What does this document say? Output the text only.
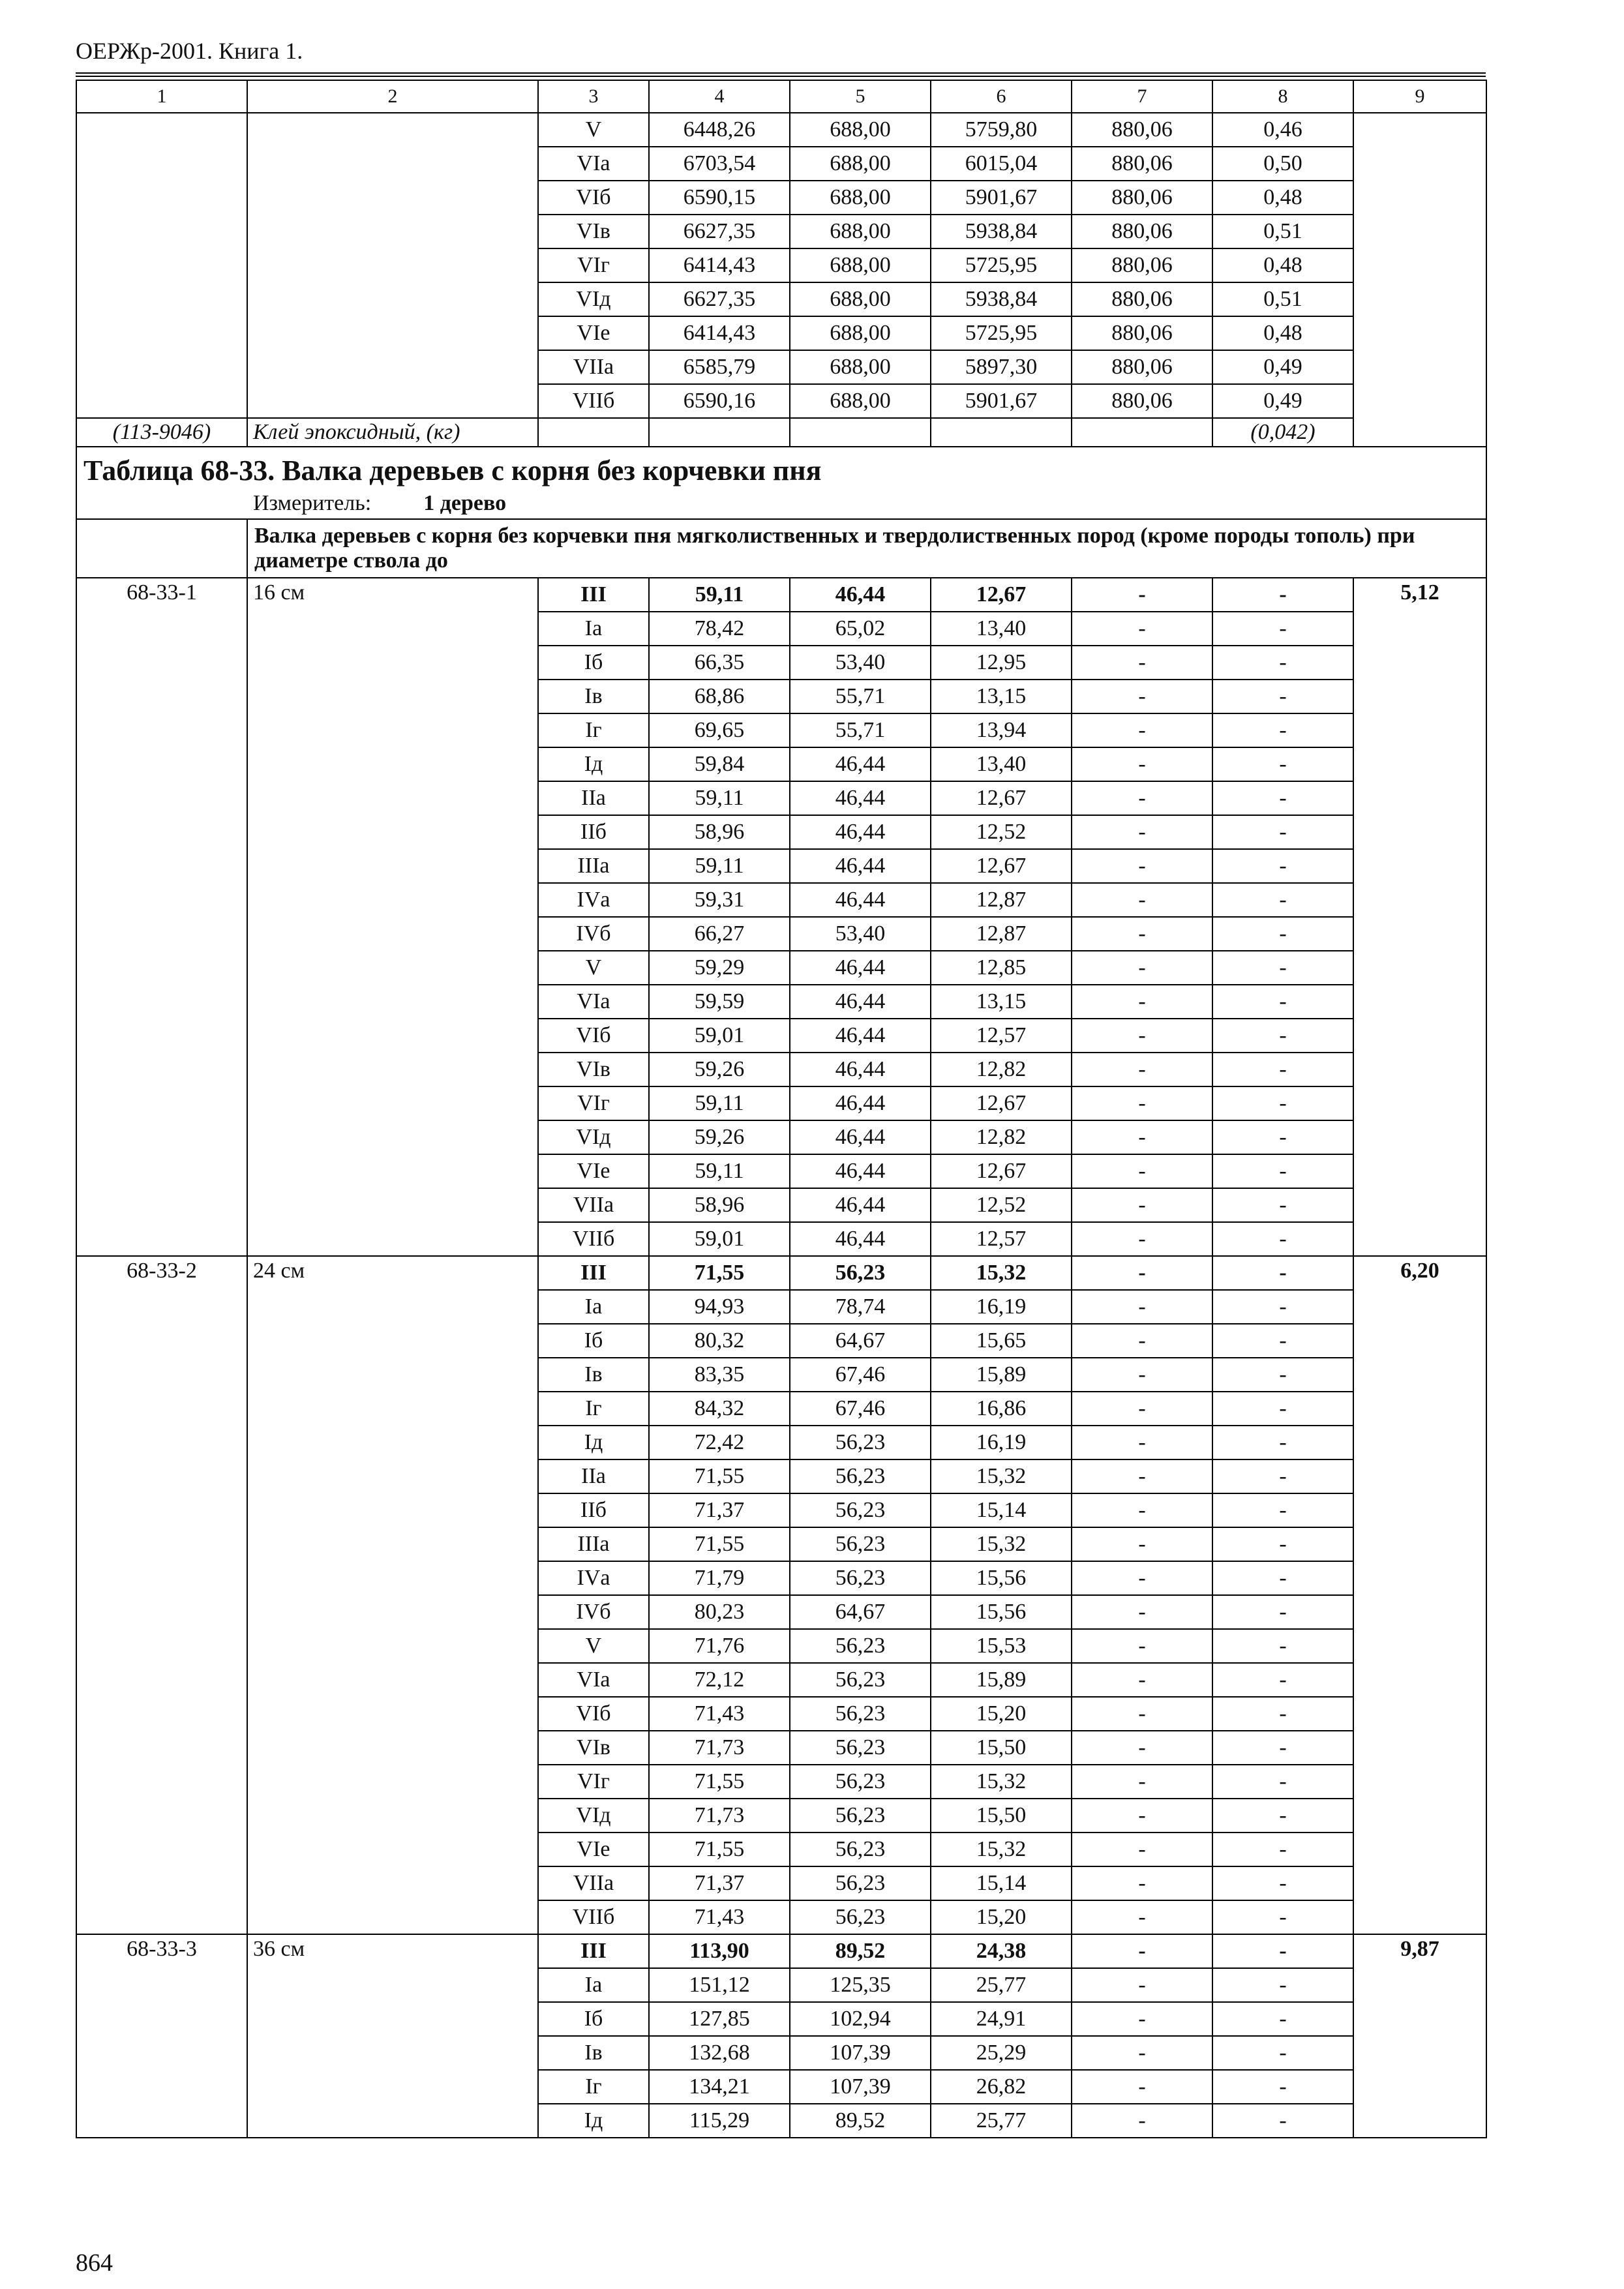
ОЕРЖр-2001. Книга 1.
1	2	3	4	5	6	7	8	9
		V	6448,26	688,00	5759,80	880,06	0,46	
		VIа	6703,54	688,00	6015,04	880,06	0,50	
		VIб	6590,15	688,00	5901,67	880,06	0,48	
		VIв	6627,35	688,00	5938,84	880,06	0,51	
		VIг	6414,43	688,00	5725,95	880,06	0,48	
		VIд	6627,35	688,00	5938,84	880,06	0,51	
		VIе	6414,43	688,00	5725,95	880,06	0,48	
		VIIа	6585,79	688,00	5897,30	880,06	0,49	
		VIIб	6590,16	688,00	5901,67	880,06	0,49	
(113-9046)	Клей эпоксидный, (кг)						(0,042)	

Таблица 68-33. Валка деревьев с корня без корчевки пня
Измеритель: 1 дерево								

	Валка деревьев с корня без корчевки пня мягколиственных и твердолиственных пород (кроме породы тополь) при диаметре ствола до							
68-33-1	16 см	III	59,11	46,44	12,67	-	-	5,12
		Iа	78,42	65,02	13,40	-	-	
		Iб	66,35	53,40	12,95	-	-	
		Iв	68,86	55,71	13,15	-	-	
		Iг	69,65	55,71	13,94	-	-	
		Iд	59,84	46,44	13,40	-	-	
		IIа	59,11	46,44	12,67	-	-	
		IIб	58,96	46,44	12,52	-	-	
		IIIа	59,11	46,44	12,67	-	-	
		IVа	59,31	46,44	12,87	-	-	
		IVб	66,27	53,40	12,87	-	-	
		V	59,29	46,44	12,85	-	-	
		VIа	59,59	46,44	13,15	-	-	
		VIб	59,01	46,44	12,57	-	-	
		VIв	59,26	46,44	12,82	-	-	
		VIг	59,11	46,44	12,67	-	-	
		VIд	59,26	46,44	12,82	-	-	
		VIе	59,11	46,44	12,67	-	-	
		VIIа	58,96	46,44	12,52	-	-	
		VIIб	59,01	46,44	12,57	-	-	
68-33-2	24 см	III	71,55	56,23	15,32	-	-	6,20
		Iа	94,93	78,74	16,19	-	-	
		Iб	80,32	64,67	15,65	-	-	
		Iв	83,35	67,46	15,89	-	-	
		Iг	84,32	67,46	16,86	-	-	
		Iд	72,42	56,23	16,19	-	-	
		IIа	71,55	56,23	15,32	-	-	
		IIб	71,37	56,23	15,14	-	-	
		IIIа	71,55	56,23	15,32	-	-	
		IVа	71,79	56,23	15,56	-	-	
		IVб	80,23	64,67	15,56	-	-	
		V	71,76	56,23	15,53	-	-	
		VIа	72,12	56,23	15,89	-	-	
		VIб	71,43	56,23	15,20	-	-	
		VIв	71,73	56,23	15,50	-	-	
		VIг	71,55	56,23	15,32	-	-	
		VIд	71,73	56,23	15,50	-	-	
		VIе	71,55	56,23	15,32	-	-	
		VIIа	71,37	56,23	15,14	-	-	
		VIIб	71,43	56,23	15,20	-	-	
68-33-3	36 см	III	113,90	89,52	24,38	-	-	9,87
		Iа	151,12	125,35	25,77	-	-	
		Iб	127,85	102,94	24,91	-	-	
		Iв	132,68	107,39	25,29	-	-	
		Iг	134,21	107,39	26,82	-	-	
		Iд	115,29	89,52	25,77	-	-	
864
